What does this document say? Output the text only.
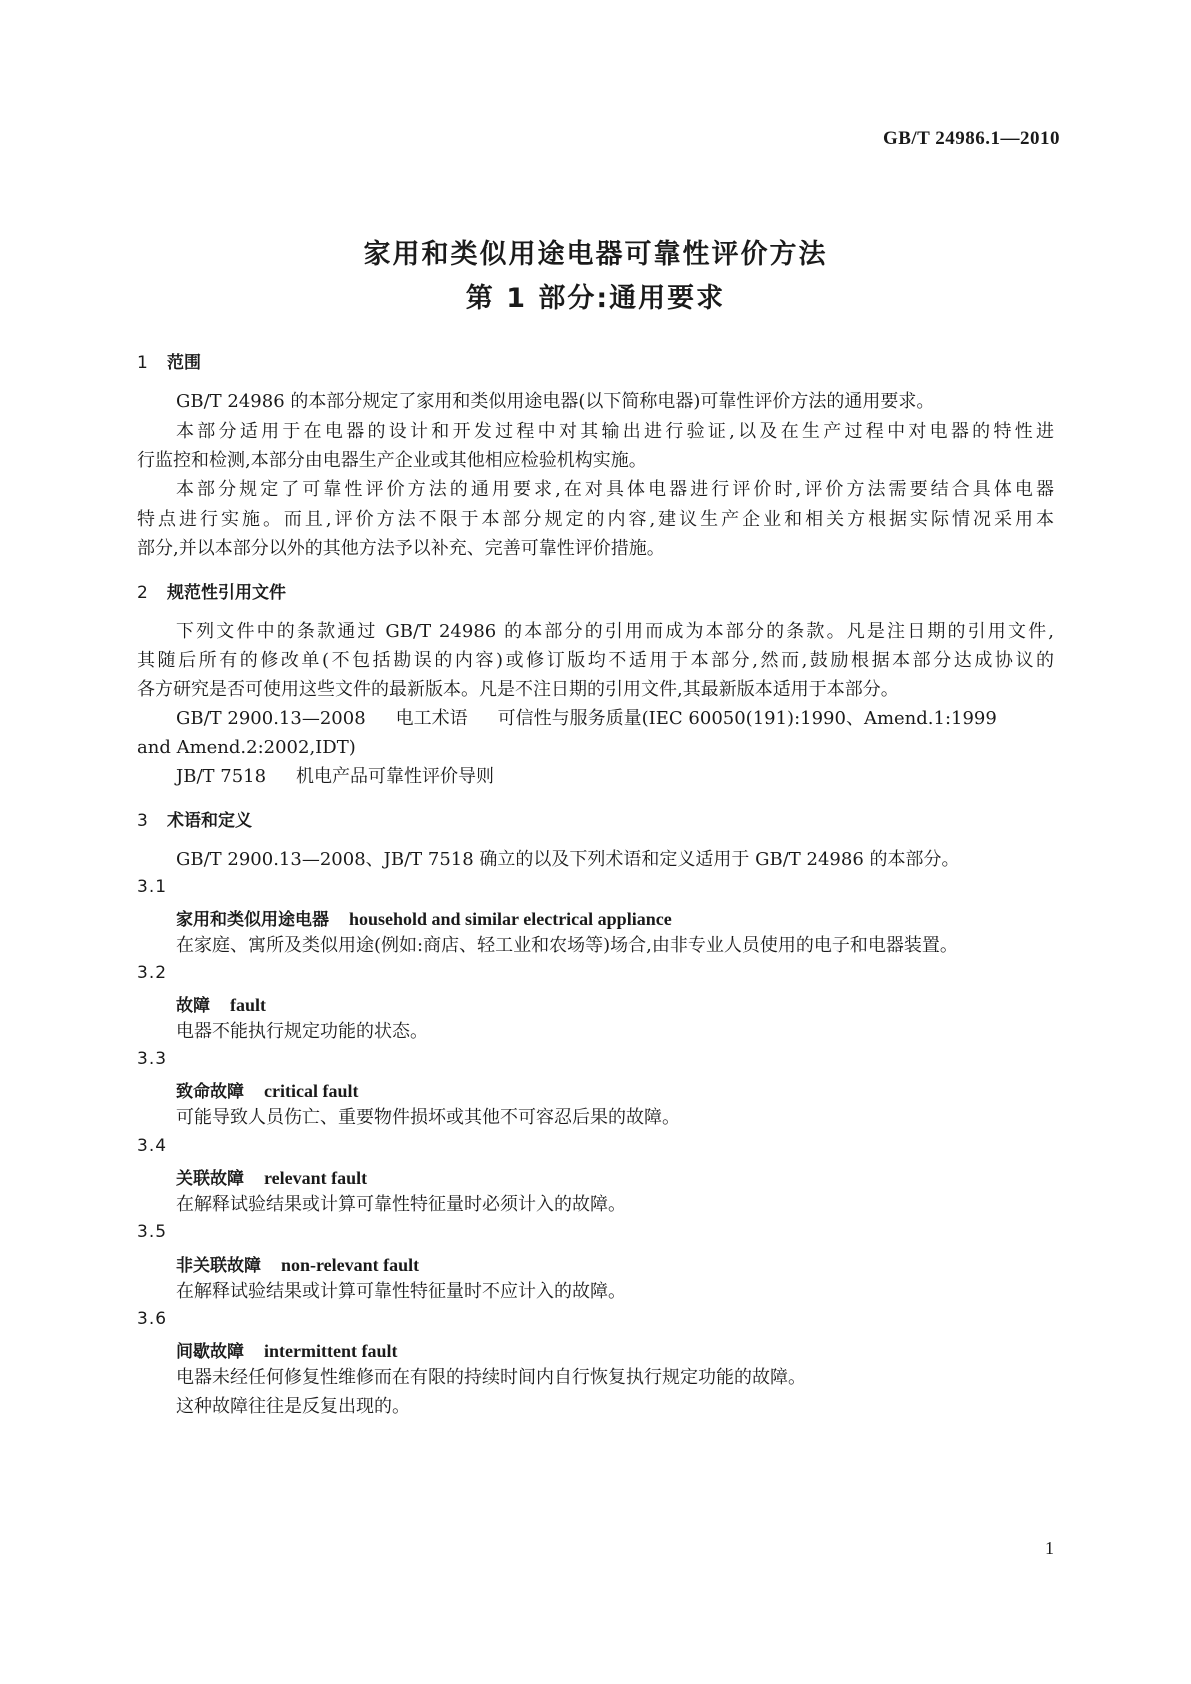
GB/T 24986.1—2010
家用和类似用途电器可靠性评价方法
第 1 部分:通用要求
1 范围
GB/T 24986 的本部分规定了家用和类似用途电器(以下简称电器)可靠性评价方法的通用要求。
本部分适用于在电器的设计和开发过程中对其输出进行验证,以及在生产过程中对电器的特性进
行监控和检测,本部分由电器生产企业或其他相应检验机构实施。
本部分规定了可靠性评价方法的通用要求,在对具体电器进行评价时,评价方法需要结合具体电器
特点进行实施。而且,评价方法不限于本部分规定的内容,建议生产企业和相关方根据实际情况采用本
部分,并以本部分以外的其他方法予以补充、完善可靠性评价措施。
2 规范性引用文件
下列文件中的条款通过 GB/T 24986 的本部分的引用而成为本部分的条款。凡是注日期的引用文件,
其随后所有的修改单(不包括勘误的内容)或修订版均不适用于本部分,然而,鼓励根据本部分达成协议的
各方研究是否可使用这些文件的最新版本。凡是不注日期的引用文件,其最新版本适用于本部分。
GB/T 2900.13—2008 电工术语 可信性与服务质量(IEC 60050(191):1990、Amend.1:1999
and Amend.2:2002,IDT)
JB/T 7518 机电产品可靠性评价导则
3 术语和定义
GB/T 2900.13—2008、JB/T 7518 确立的以及下列术语和定义适用于 GB/T 24986 的本部分。
3.1
家用和类似用途电器 household and similar electrical appliance
在家庭、寓所及类似用途(例如:商店、轻工业和农场等)场合,由非专业人员使用的电子和电器装置。
3.2
故障 fault
电器不能执行规定功能的状态。
3.3
致命故障 critical fault
可能导致人员伤亡、重要物件损坏或其他不可容忍后果的故障。
3.4
关联故障 relevant fault
在解释试验结果或计算可靠性特征量时必须计入的故障。
3.5
非关联故障 non-relevant fault
在解释试验结果或计算可靠性特征量时不应计入的故障。
3.6
间歇故障 intermittent fault
电器未经任何修复性维修而在有限的持续时间内自行恢复执行规定功能的故障。
这种故障往往是反复出现的。
1
